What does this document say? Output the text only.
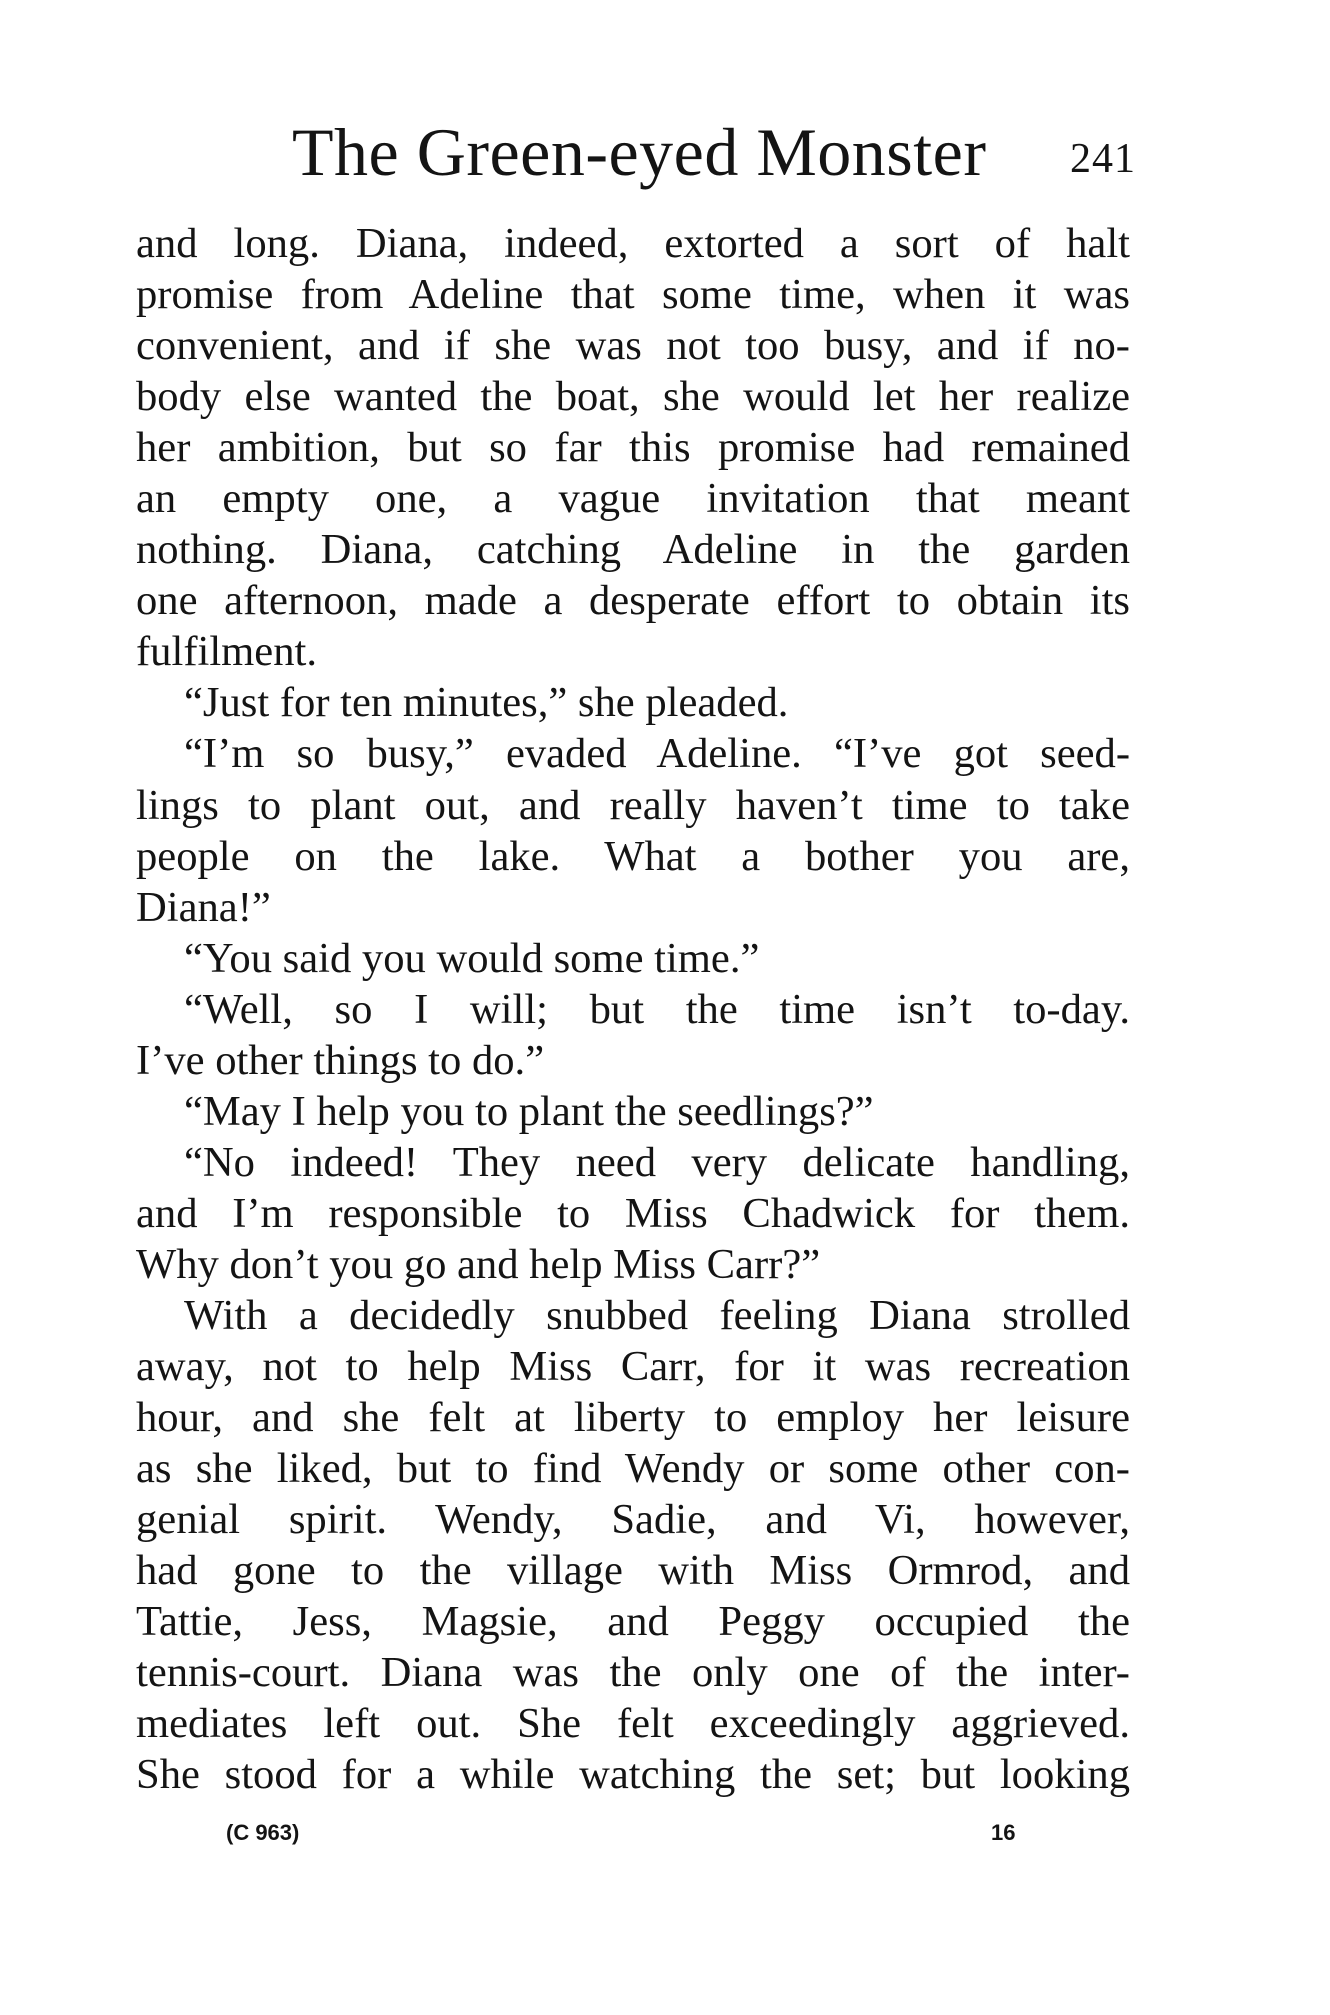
The Green-eyed Monster 241
and long. Diana, indeed, extorted a sort of halt
promise from Adeline that some time, when it was
convenient, and if she was not too busy, and if no-
body else wanted the boat, she would let her realize
her ambition, but so far this promise had remained
an empty one, a vague invitation that meant
nothing. Diana, catching Adeline in the garden
one afternoon, made a desperate effort to obtain its
fulfilment.
“Just for ten minutes,” she pleaded.
“I’m so busy,” evaded Adeline. “I’ve got seed-
lings to plant out, and really haven’t time to take
people on the lake. What a bother you are,
Diana!”
“You said you would some time.”
“Well, so I will; but the time isn’t to-day.
I’ve other things to do.”
“May I help you to plant the seedlings?”
“No indeed! They need very delicate handling,
and I’m responsible to Miss Chadwick for them.
Why don’t you go and help Miss Carr?”
With a decidedly snubbed feeling Diana strolled
away, not to help Miss Carr, for it was recreation
hour, and she felt at liberty to employ her leisure
as she liked, but to find Wendy or some other con-
genial spirit. Wendy, Sadie, and Vi, however,
had gone to the village with Miss Ormrod, and
Tattie, Jess, Magsie, and Peggy occupied the
tennis-court. Diana was the only one of the inter-
mediates left out. She felt exceedingly aggrieved.
She stood for a while watching the set; but looking
(C 963)	16
